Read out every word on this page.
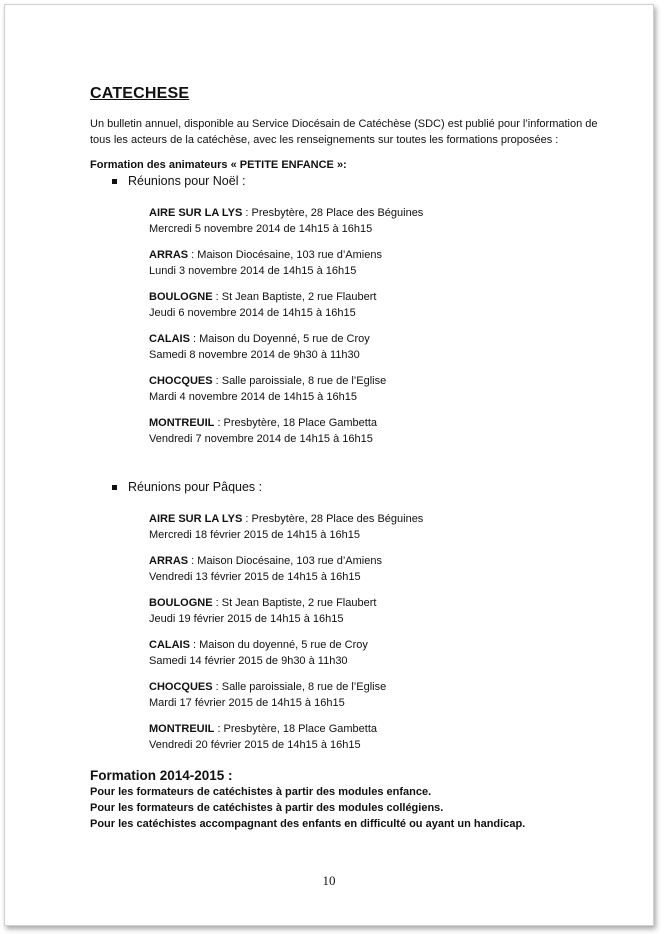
CATECHESE

Un bulletin annuel, disponible au Service Diocésain de Catéchèse (SDC) est publié pour l’information de tous les acteurs de la catéchèse, avec les renseignements sur toutes les formations proposées :

Formation des animateurs « PETITE ENFANCE »:

Réunions pour Noël :
AIRE SUR LA LYS : Presbytère, 28 Place des Béguines
Mercredi 5 novembre 2014 de 14h15 à 16h15
ARRAS : Maison Diocésaine, 103 rue d’Amiens
Lundi 3 novembre 2014 de 14h15 à 16h15
BOULOGNE : St Jean Baptiste, 2 rue Flaubert
Jeudi 6 novembre 2014 de 14h15 à 16h15
CALAIS : Maison du Doyenné, 5 rue de Croy
Samedi 8 novembre 2014 de 9h30 à 11h30
CHOCQUES : Salle paroissiale, 8 rue de l’Eglise
Mardi 4 novembre 2014 de 14h15 à 16h15
MONTREUIL : Presbytère, 18 Place Gambetta
Vendredi 7 novembre 2014 de 14h15 à 16h15
Réunions pour Pâques :
AIRE SUR LA LYS : Presbytère, 28 Place des Béguines
Mercredi 18 février 2015 de 14h15 à 16h15
ARRAS : Maison Diocésaine, 103 rue d’Amiens
Vendredi 13 février 2015 de 14h15 à 16h15
BOULOGNE : St Jean Baptiste, 2 rue Flaubert
Jeudi 19 février 2015 de 14h15 à 16h15
CALAIS : Maison du doyenné, 5 rue de Croy
Samedi 14 février 2015 de 9h30 à 11h30
CHOCQUES : Salle paroissiale, 8 rue de l’Eglise
Mardi 17 février 2015 de 14h15 à 16h15
MONTREUIL : Presbytère, 18 Place Gambetta
Vendredi 20 février 2015 de 14h15 à 16h15

Formation 2014-2015 :

Pour les formateurs de catéchistes à partir des modules enfance.
Pour les formateurs de catéchistes à partir des modules collégiens.
Pour les catéchistes accompagnant des enfants en difficulté ou ayant un handicap.
10
